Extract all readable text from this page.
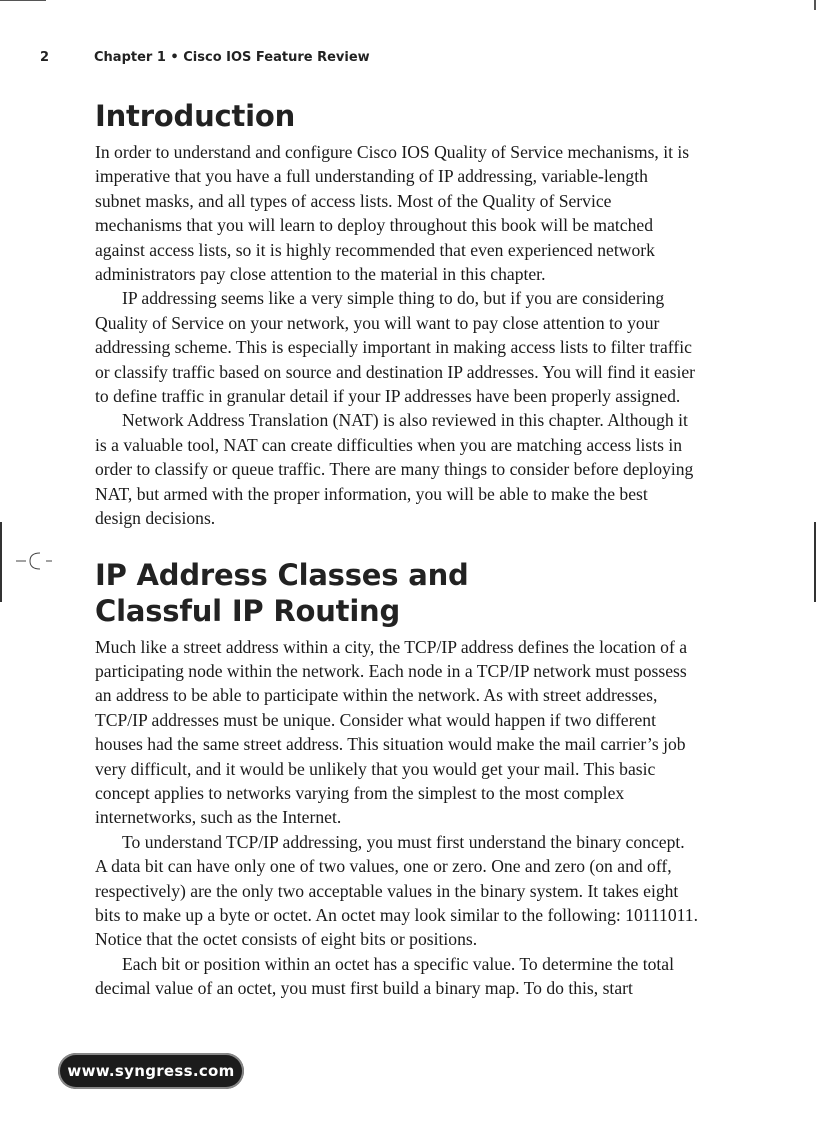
2	Chapter 1 • Cisco IOS Feature Review
Introduction

In order to understand and configure Cisco IOS Quality of Service mechanisms, it is imperative that you have a full understanding of IP addressing, variable-length subnet masks, and all types of access lists. Most of the Quality of Service mechanisms that you will learn to deploy throughout this book will be matched against access lists, so it is highly recommended that even experienced network administrators pay close attention to the material in this chapter.

IP addressing seems like a very simple thing to do, but if you are considering Quality of Service on your network, you will want to pay close attention to your addressing scheme. This is especially important in making access lists to filter traffic or classify traffic based on source and destination IP addresses. You will find it easier to define traffic in granular detail if your IP addresses have been properly assigned.

Network Address Translation (NAT) is also reviewed in this chapter. Although it is a valuable tool, NAT can create difficulties when you are matching access lists in order to classify or queue traffic. There are many things to consider before deploying NAT, but armed with the proper information, you will be able to make the best design decisions.

IP Address Classes and
Classful IP Routing

Much like a street address within a city, the TCP/IP address defines the location of a participating node within the network. Each node in a TCP/IP network must possess an address to be able to participate within the network. As with street addresses, TCP/IP addresses must be unique. Consider what would happen if two different houses had the same street address. This situation would make the mail carrier’s job very difficult, and it would be unlikely that you would get your mail. This basic concept applies to networks varying from the simplest to the most complex internetworks, such as the Internet.

To understand TCP/IP addressing, you must first understand the binary concept. A data bit can have only one of two values, one or zero. One and zero (on and off, respectively) are the only two acceptable values in the binary system. It takes eight bits to make up a byte or octet. An octet may look similar to the following: 10111011. Notice that the octet consists of eight bits or positions.

Each bit or position within an octet has a specific value. To determine the total decimal value of an octet, you must first build a binary map. To do this, start

www.syngress.com
